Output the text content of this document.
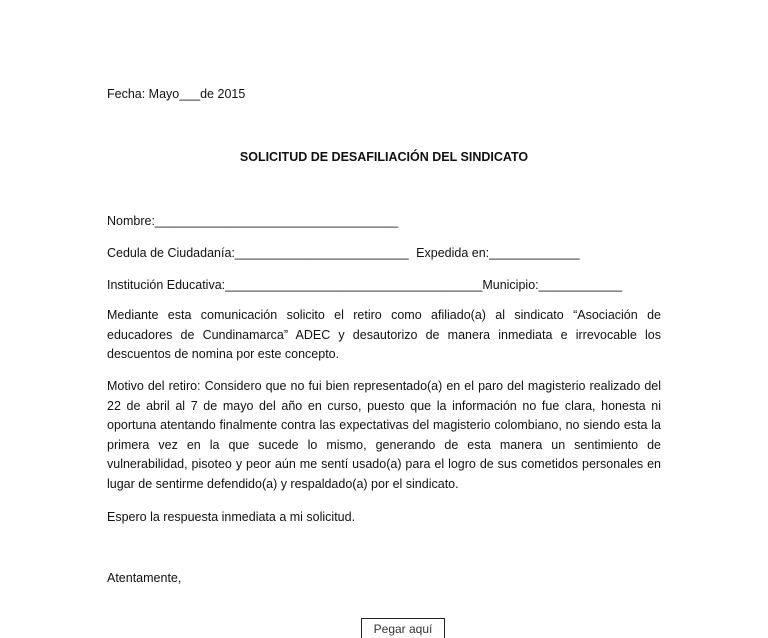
Fecha: Mayo___de 2015
SOLICITUD DE DESAFILIACIÓN DEL SINDICATO
Nombre:___________________________________
Cedula de Ciudadanía:_________________________ Expedida en:_____________
Institución Educativa:_____________________________________Municipio:____________
Mediante esta comunicación solicito el retiro como afiliado(a) al sindicato “Asociación de educadores de Cundinamarca” ADEC y desautorizo de manera inmediata e irrevocable los descuentos de nomina por este concepto.
Motivo del retiro: Considero que no fui bien representado(a) en el paro del magisterio realizado del 22 de abril al 7 de mayo del año en curso, puesto que la información no fue clara, honesta ni oportuna atentando finalmente contra las expectativas del magisterio colombiano, no siendo esta la primera vez en la que sucede lo mismo, generando de esta manera un sentimiento de vulnerabilidad, pisoteo y peor aún me sentí usado(a) para el logro de sus cometidos personales en lugar de sentirme defendido(a) y respaldado(a) por el sindicato.
Espero la respuesta inmediata a mi solicitud.
Atentamente,
Pegar aquí
